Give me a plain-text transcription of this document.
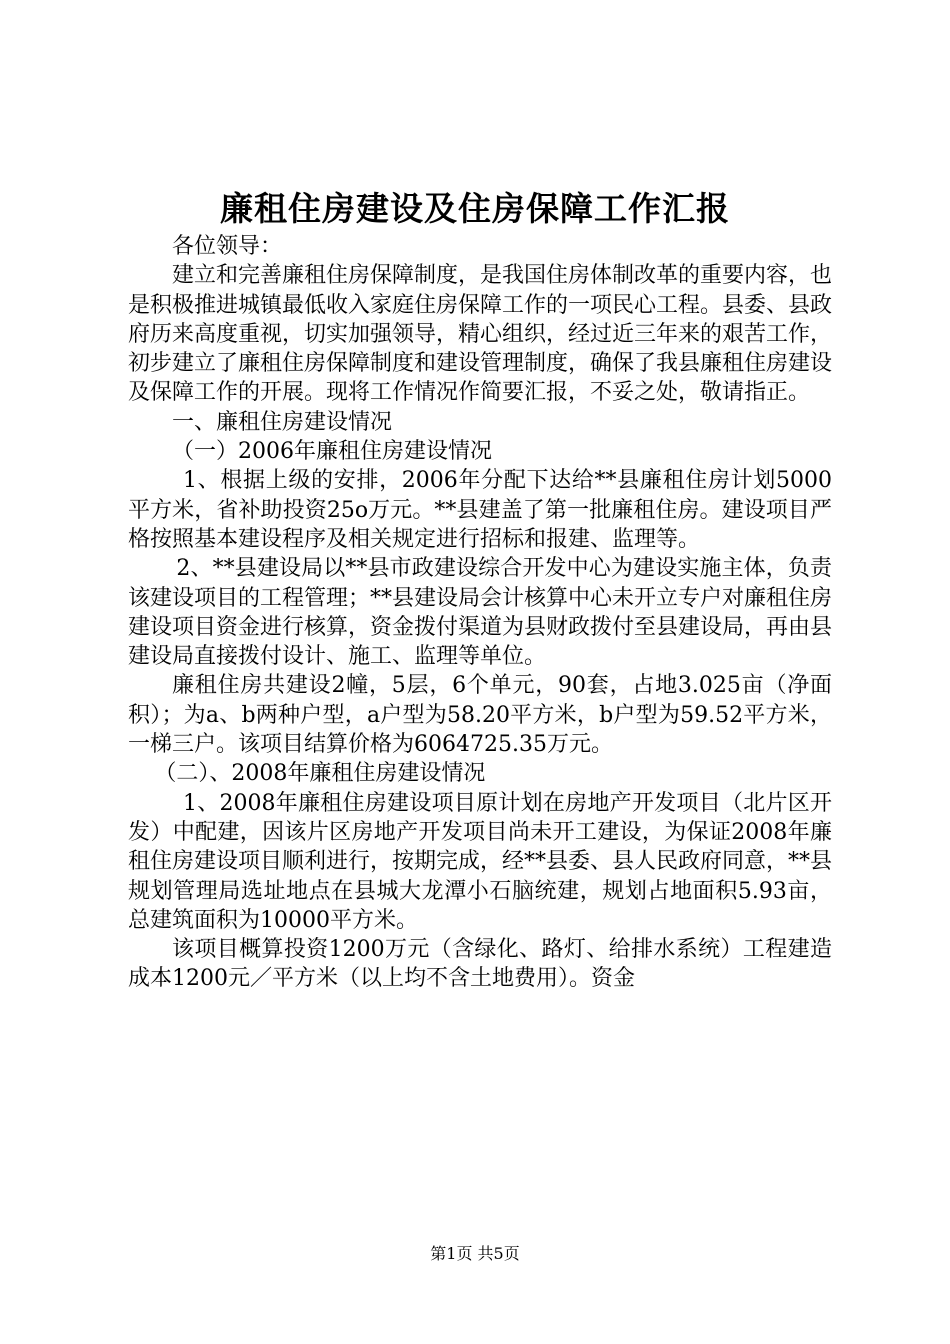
廉租住房建设及住房保障工作汇报

各位领导：

建立和完善廉租住房保障制度，是我国住房体制改革的重要内容，也是积极推进城镇最低收入家庭住房保障工作的一项民心工程。县委、县政府历来高度重视，切实加强领导，精心组织，经过近三年来的艰苦工作，初步建立了廉租住房保障制度和建设管理制度，确保了我县廉租住房建设及保障工作的开展。现将工作情况作简要汇报，不妥之处，敬请指正。

一、廉租住房建设情况

（一）2006年廉租住房建设情况

1、根据上级的安排，2006年分配下达给**县廉租住房计划5000平方米，省补助投资25o万元。**县建盖了第一批廉租住房。建设项目严格按照基本建设程序及相关规定进行招标和报建、监理等。

2、**县建设局以**县市政建设综合开发中心为建设实施主体，负责该建设项目的工程管理；**县建设局会计核算中心未开立专户对廉租住房建设项目资金进行核算，资金拨付渠道为县财政拨付至县建设局，再由县建设局直接拨付设计、施工、监理等单位。

廉租住房共建设2幢，5层，6个单元，90套，占地3.025亩（净面积）；为a、b两种户型，a户型为58.20平方米，b户型为59.52平方米，一梯三户。该项目结算价格为6064725.35万元。

（二）、2008年廉租住房建设情况

1、2008年廉租住房建设项目原计划在房地产开发项目（北片区开发）中配建，因该片区房地产开发项目尚未开工建设，为保证2008年廉租住房建设项目顺利进行，按期完成，经**县委、县人民政府同意，**县规划管理局选址地点在县城大龙潭小石脑统建，规划占地面积5.93亩，总建筑面积为10000平方米。

该项目概算投资1200万元（含绿化、路灯、给排水系统）工程建造成本1200元／平方米（以上均不含土地费用）。资金

第1页 共5页
